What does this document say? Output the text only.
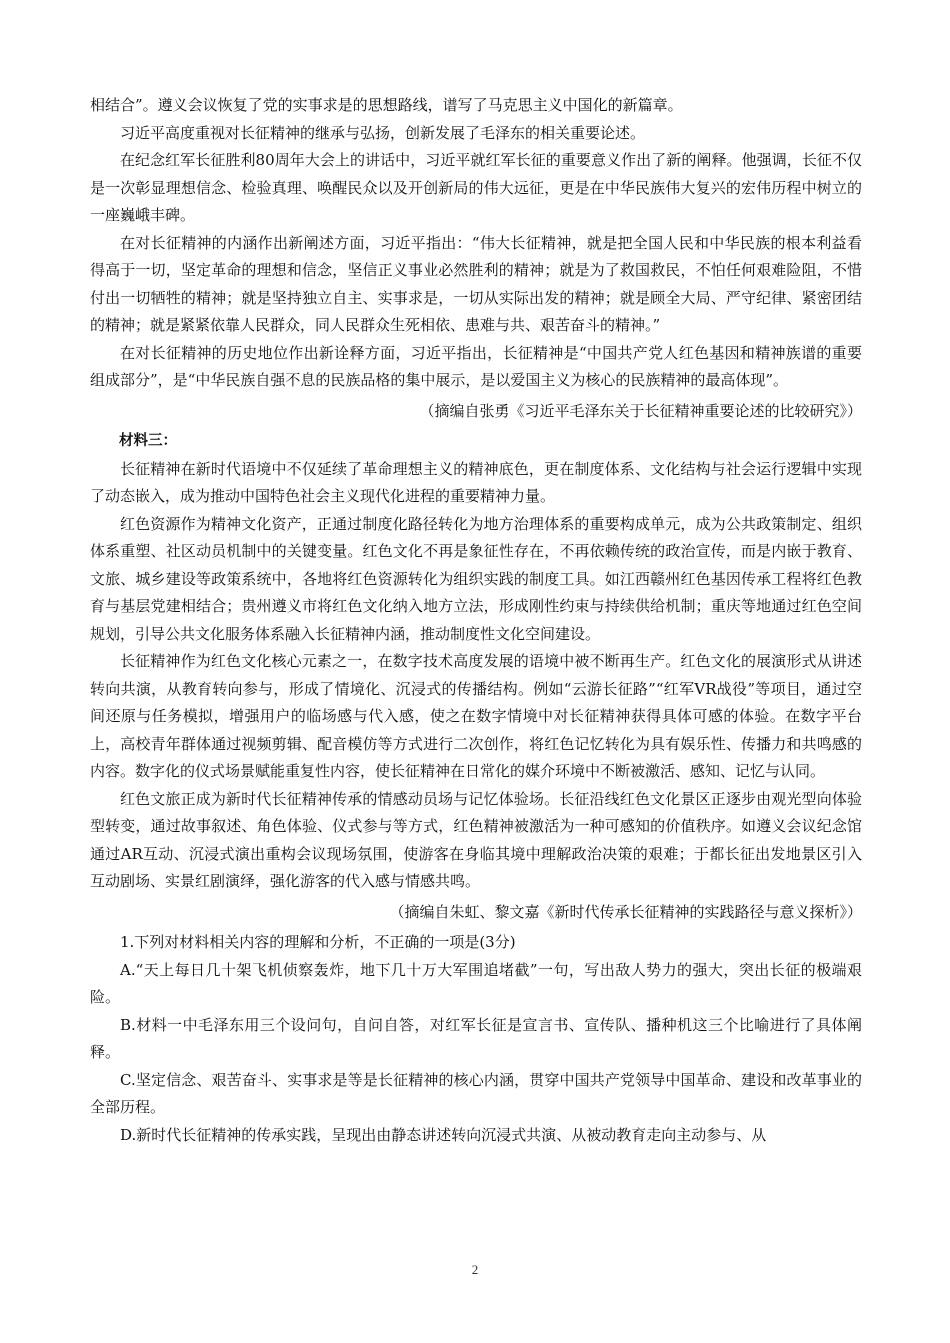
相结合”。遵义会议恢复了党的实事求是的思想路线，谱写了马克思主义中国化的新篇章。

习近平高度重视对长征精神的继承与弘扬，创新发展了毛泽东的相关重要论述。

在纪念红军长征胜利80周年大会上的讲话中，习近平就红军长征的重要意义作出了新的阐释。他强调，长征不仅是一次彰显理想信念、检验真理、唤醒民众以及开创新局的伟大远征，更是在中华民族伟大复兴的宏伟历程中树立的一座巍峨丰碑。

在对长征精神的内涵作出新阐述方面，习近平指出：“伟大长征精神，就是把全国人民和中华民族的根本利益看得高于一切，坚定革命的理想和信念，坚信正义事业必然胜利的精神；就是为了救国救民，不怕任何艰难险阻，不惜付出一切牺牲的精神；就是坚持独立自主、实事求是，一切从实际出发的精神；就是顾全大局、严守纪律、紧密团结的精神；就是紧紧依靠人民群众，同人民群众生死相依、患难与共、艰苦奋斗的精神。”

在对长征精神的历史地位作出新诠释方面，习近平指出，长征精神是“中国共产党人红色基因和精神族谱的重要组成部分”，是“中华民族自强不息的民族品格的集中展示，是以爱国主义为核心的民族精神的最高体现”。

（摘编自张勇《习近平毛泽东关于长征精神重要论述的比较研究》）

材料三：

长征精神在新时代语境中不仅延续了革命理想主义的精神底色，更在制度体系、文化结构与社会运行逻辑中实现了动态嵌入，成为推动中国特色社会主义现代化进程的重要精神力量。

红色资源作为精神文化资产，正通过制度化路径转化为地方治理体系的重要构成单元，成为公共政策制定、组织体系重塑、社区动员机制中的关键变量。红色文化不再是象征性存在，不再依赖传统的政治宣传，而是内嵌于教育、文旅、城乡建设等政策系统中，各地将红色资源转化为组织实践的制度工具。如江西赣州红色基因传承工程将红色教育与基层党建相结合；贵州遵义市将红色文化纳入地方立法，形成刚性约束与持续供给机制；重庆等地通过红色空间规划，引导公共文化服务体系融入长征精神内涵，推动制度性文化空间建设。

长征精神作为红色文化核心元素之一，在数字技术高度发展的语境中被不断再生产。红色文化的展演形式从讲述转向共演，从教育转向参与，形成了情境化、沉浸式的传播结构。例如“云游长征路”“红军VR战役”等项目，通过空间还原与任务模拟，增强用户的临场感与代入感，使之在数字情境中对长征精神获得具体可感的体验。在数字平台上，高校青年群体通过视频剪辑、配音模仿等方式进行二次创作，将红色记忆转化为具有娱乐性、传播力和共鸣感的内容。数字化的仪式场景赋能重复性内容，使长征精神在日常化的媒介环境中不断被激活、感知、记忆与认同。

红色文旅正成为新时代长征精神传承的情感动员场与记忆体验场。长征沿线红色文化景区正逐步由观光型向体验型转变，通过故事叙述、角色体验、仪式参与等方式，红色精神被激活为一种可感知的价值秩序。如遵义会议纪念馆通过AR互动、沉浸式演出重构会议现场氛围，使游客在身临其境中理解政治决策的艰难；于都长征出发地景区引入互动剧场、实景红剧演绎，强化游客的代入感与情感共鸣。

（摘编自朱虹、黎文嘉《新时代传承长征精神的实践路径与意义探析》）

1.下列对材料相关内容的理解和分析，不正确的一项是(3分)

A.“天上每日几十架飞机侦察轰炸，地下几十万大军围追堵截”一句，写出敌人势力的强大，突出长征的极端艰险。

B.材料一中毛泽东用三个设问句，自问自答，对红军长征是宣言书、宣传队、播种机这三个比喻进行了具体阐释。

C.坚定信念、艰苦奋斗、实事求是等是长征精神的核心内涵，贯穿中国共产党领导中国革命、建设和改革事业的全部历程。

D.新时代长征精神的传承实践，呈现出由静态讲述转向沉浸式共演、从被动教育走向主动参与、从

2
